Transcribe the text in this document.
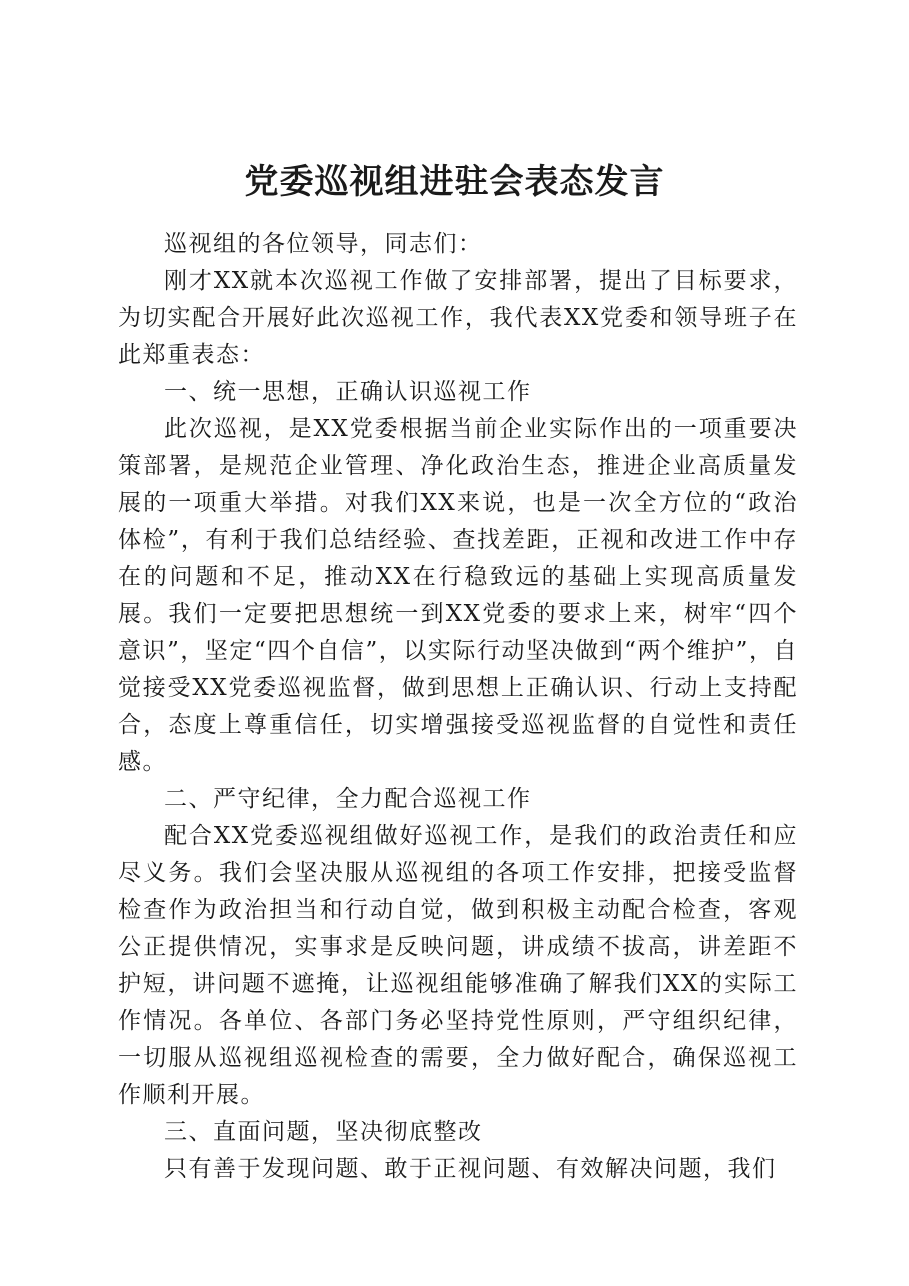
党委巡视组进驻会表态发言

巡视组的各位领导，同志们：

刚才XX就本次巡视工作做了安排部署，提出了目标要求，为切实配合开展好此次巡视工作，我代表XX党委和领导班子在此郑重表态：

一、统一思想，正确认识巡视工作

此次巡视，是XX党委根据当前企业实际作出的一项重要决策部署，是规范企业管理、净化政治生态，推进企业高质量发展的一项重大举措。对我们XX来说，也是一次全方位的“政治体检”，有利于我们总结经验、查找差距，正视和改进工作中存在的问题和不足，推动XX在行稳致远的基础上实现高质量发展。我们一定要把思想统一到XX党委的要求上来，树牢“四个意识”，坚定“四个自信”，以实际行动坚决做到“两个维护”，自觉接受XX党委巡视监督，做到思想上正确认识、行动上支持配合，态度上尊重信任，切实增强接受巡视监督的自觉性和责任感。

二、严守纪律，全力配合巡视工作

配合XX党委巡视组做好巡视工作，是我们的政治责任和应尽义务。我们会坚决服从巡视组的各项工作安排，把接受监督检查作为政治担当和行动自觉，做到积极主动配合检查，客观公正提供情况，实事求是反映问题，讲成绩不拔高，讲差距不护短，讲问题不遮掩，让巡视组能够准确了解我们XX的实际工作情况。各单位、各部门务必坚持党性原则，严守组织纪律，一切服从巡视组巡视检查的需要，全力做好配合，确保巡视工作顺利开展。

三、直面问题，坚决彻底整改

只有善于发现问题、敢于正视问题、有效解决问题，我们
